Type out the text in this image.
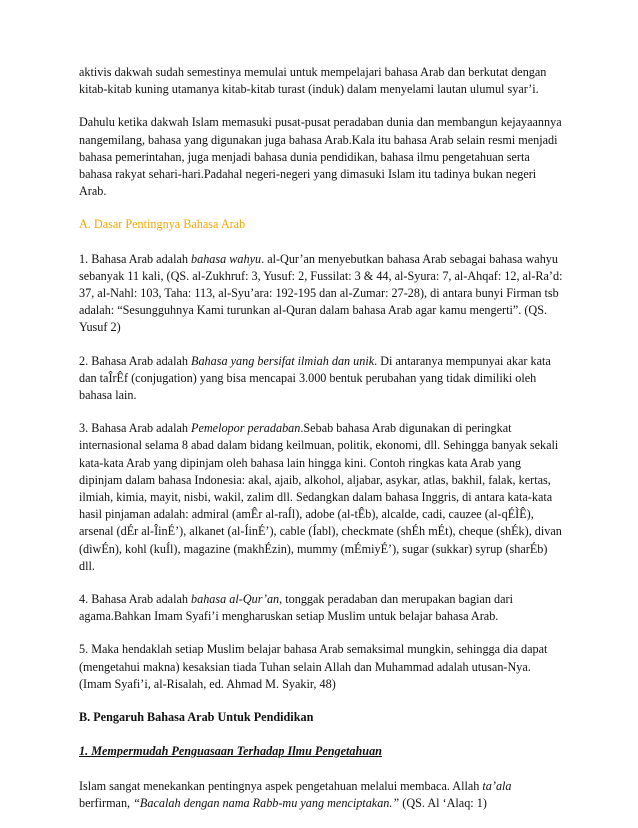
aktivis dakwah sudah semestinya memulai untuk mempelajari bahasa Arab dan berkutat dengan kitab-kitab kuning utamanya kitab-kitab turast (induk) dalam menyelami lautan ulumul syar’i.

Dahulu ketika dakwah Islam memasuki pusat-pusat peradaban dunia dan membangun kejayaannya nangemilang, bahasa yang digunakan juga bahasa Arab.Kala itu bahasa Arab selain resmi menjadi bahasa pemerintahan, juga menjadi bahasa dunia pendidikan, bahasa ilmu pengetahuan serta bahasa rakyat sehari-hari.Padahal negeri-negeri yang dimasuki Islam itu tadinya bukan negeri Arab.

A. Dasar Pentingnya Bahasa Arab

1. Bahasa Arab adalah bahasa wahyu. al-Qur’an menyebutkan bahasa Arab sebagai bahasa wahyu sebanyak 11 kali, (QS. al-Zukhruf: 3, Yusuf: 2, Fussilat: 3 & 44, al-Syura: 7, al-Ahqaf: 12, al-Ra’d: 37, al-Nahl: 103, Taha: 113, al-Syu’ara: 192-195 dan al-Zumar: 27-28), di antara bunyi Firman tsb adalah: “Sesungguhnya Kami turunkan al-Quran dalam bahasa Arab agar kamu mengerti”. (QS. Yusuf 2)

2. Bahasa Arab adalah Bahasa yang bersifat ilmiah dan unik. Di antaranya mempunyai akar kata dan taÎrÊf (conjugation) yang bisa mencapai 3.000 bentuk perubahan yang tidak dimiliki oleh bahasa lain.

3. Bahasa Arab adalah Pemelopor peradaban.Sebab bahasa Arab digunakan di peringkat internasional selama 8 abad dalam bidang keilmuan, politik, ekonomi, dll. Sehingga banyak sekali kata-kata Arab yang dipinjam oleh bahasa lain hingga kini. Contoh ringkas kata Arab yang dipinjam dalam bahasa Indonesia: akal, ajaib, alkohol, aljabar, asykar, atlas, bakhil, falak, kertas, ilmiah, kimia, mayit, nisbi, wakil, zalim dll. Sedangkan dalam bahasa Inggris, di antara kata-kata hasil pinjaman adalah: admiral (amÊr al-raÍl), adobe (al-tÊb), alcalde, cadi, cauzee (al-qÉÌÊ), arsenal (dÉr al-ÎinÉ’), alkanet (al-ÍinÉ’), cable (Íabl), checkmate (shÉh mÉt), cheque (shÉk), divan (dìwÉn), kohl (kuÍl), magazine (makhÉzin), mummy (mÉmiyÉ’), sugar (sukkar) syrup (sharÉb) dll.

4. Bahasa Arab adalah bahasa al-Qur’an, tonggak peradaban dan merupakan bagian dari agama.Bahkan Imam Syafi’i mengharuskan setiap Muslim untuk belajar bahasa Arab.

5. Maka hendaklah setiap Muslim belajar bahasa Arab semaksimal mungkin, sehingga dia dapat (mengetahui makna) kesaksian tiada Tuhan selain Allah dan Muhammad adalah utusan-Nya. (Imam Syafi’i, al-Risalah, ed. Ahmad M. Syakir, 48)

B. Pengaruh Bahasa Arab Untuk Pendidikan

1. Mempermudah Penguasaan Terhadap Ilmu Pengetahuan

Islam sangat menekankan pentingnya aspek pengetahuan melalui membaca. Allah ta’ala berfirman, “Bacalah dengan nama Rabb-mu yang menciptakan.” (QS. Al ‘Alaq: 1)
